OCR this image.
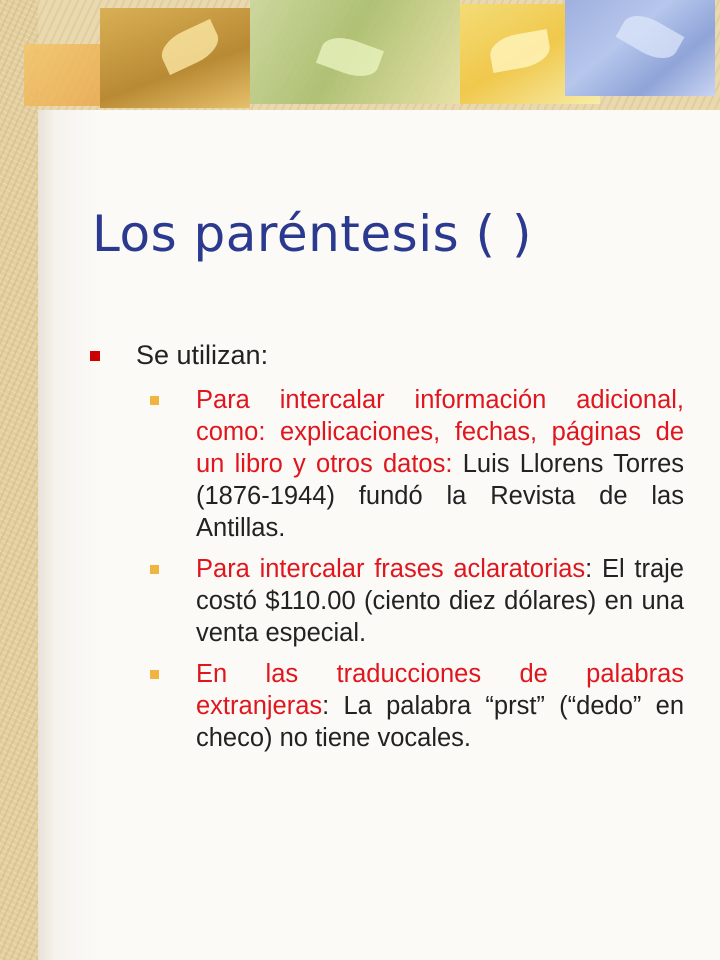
Los paréntesis ( )
Se utilizan:
Para intercalar información adicional, como: explicaciones, fechas, páginas de un libro y otros datos: Luis Llorens Torres (1876-1944) fundó la Revista de las Antillas.
Para intercalar frases aclaratorias: El traje costó $110.00 (ciento diez dólares) en una venta especial.
En las traducciones de palabras extranjeras: La palabra “prst” (“dedo” en checo) no tiene vocales.
